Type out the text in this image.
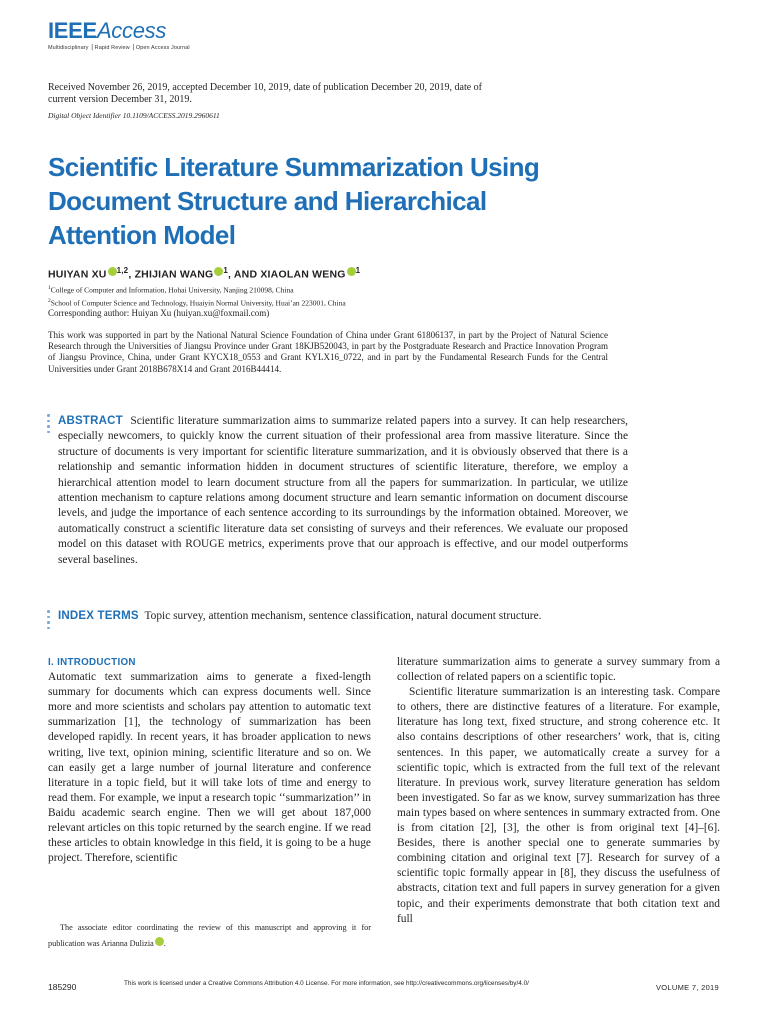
IEEEAccess
Multidisciplinary ⎟ Rapid Review ⎟ Open Access Journal
Received November 26, 2019, accepted December 10, 2019, date of publication December 20, 2019, date of current version December 31, 2019.
Digital Object Identifier 10.1109/ACCESS.2019.2960611
Scientific Literature Summarization Using
Document Structure and Hierarchical
Attention Model
HUIYAN XU $^{1,2}$, ZHIJIAN WANG $^1$, AND XIAOLAN WENG $^1$
$^1$College of Computer and Information, Hohai University, Nanjing 210098, China
$^2$School of Computer Science and Technology, Huaiyin Normal University, Huai’an 223001, China
Corresponding author: Huiyan Xu (huiyan.xu@foxmail.com)
This work was supported in part by the National Natural Science Foundation of China under Grant 61806137, in part by the Project of Natural Science Research through the Universities of Jiangsu Province under Grant 18KJB520043, in part by the Postgraduate Research and Practice Innovation Program of Jiangsu Province, China, under Grant KYCX18_0553 and Grant KYLX16_0722, and in part by the Fundamental Research Funds for the Central Universities under Grant 2018B678X14 and Grant 2016B44414.

ABSTRACT Scientific literature summarization aims to summarize related papers into a survey. It can help researchers, especially newcomers, to quickly know the current situation of their professional area from massive literature. Since the structure of documents is very important for scientific literature summarization, and it is obviously observed that there is a relationship and semantic information hidden in document structures of scientific literature, therefore, we employ a hierarchical attention model to learn document structure from all the papers for summarization. In particular, we utilize attention mechanism to capture relations among document structure and learn semantic information on document discourse levels, and judge the importance of each sentence according to its surroundings by the information obtained. Moreover, we automatically construct a scientific literature data set consisting of surveys and their references. We evaluate our proposed model on this dataset with ROUGE metrics, experiments prove that our approach is effective, and our model outperforms several baselines.

INDEX TERMS Topic survey, attention mechanism, sentence classification, natural document structure.
I. INTRODUCTION

Automatic text summarization aims to generate a fixed-length summary for documents which can express documents well. Since more and more scientists and scholars pay attention to automatic text summarization [1], the technology of summarization has been developed rapidly. In recent years, it has broader application to news writing, live text, opinion mining, scientific literature and so on. We can easily get a large number of journal literature and conference literature in a topic field, but it will take lots of time and energy to read them. For example, we input a research topic ‘‘summarization’’ in Baidu academic search engine. Then we will get about 187,000 relevant articles on this topic returned by the search engine. If we read these articles to obtain knowledge in this field, it is going to be a huge project. Therefore, scientific

literature summarization aims to generate a survey summary from a collection of related papers on a scientific topic.

Scientific literature summarization is an interesting task. Compare to others, there are distinctive features of a literature. For example, literature has long text, fixed structure, and strong coherence etc. It also contains descriptions of other researchers’ work, that is, citing sentences. In this paper, we automatically create a survey for a scientific topic, which is extracted from the full text of the relevant literature. In previous work, survey literature generation has seldom been investigated. So far as we know, survey summarization has three main types based on where sentences in summary extracted from. One is from citation [2], [3], the other is from original text [4]–[6]. Besides, there is another special one to generate summaries by combining citation and original text [7]. Research for survey of a scientific topic formally appear in [8], they discuss the usefulness of abstracts, citation text and full papers in survey generation for a given topic, and their experiments demonstrate that both citation text and full

The associate editor coordinating the review of this manuscript and approving it for publication was Arianna Dulizia .
185290	This work is licensed under a Creative Commons Attribution 4.0 License. For more information, see http://creativecommons.org/licenses/by/4.0/	VOLUME 7, 2019
